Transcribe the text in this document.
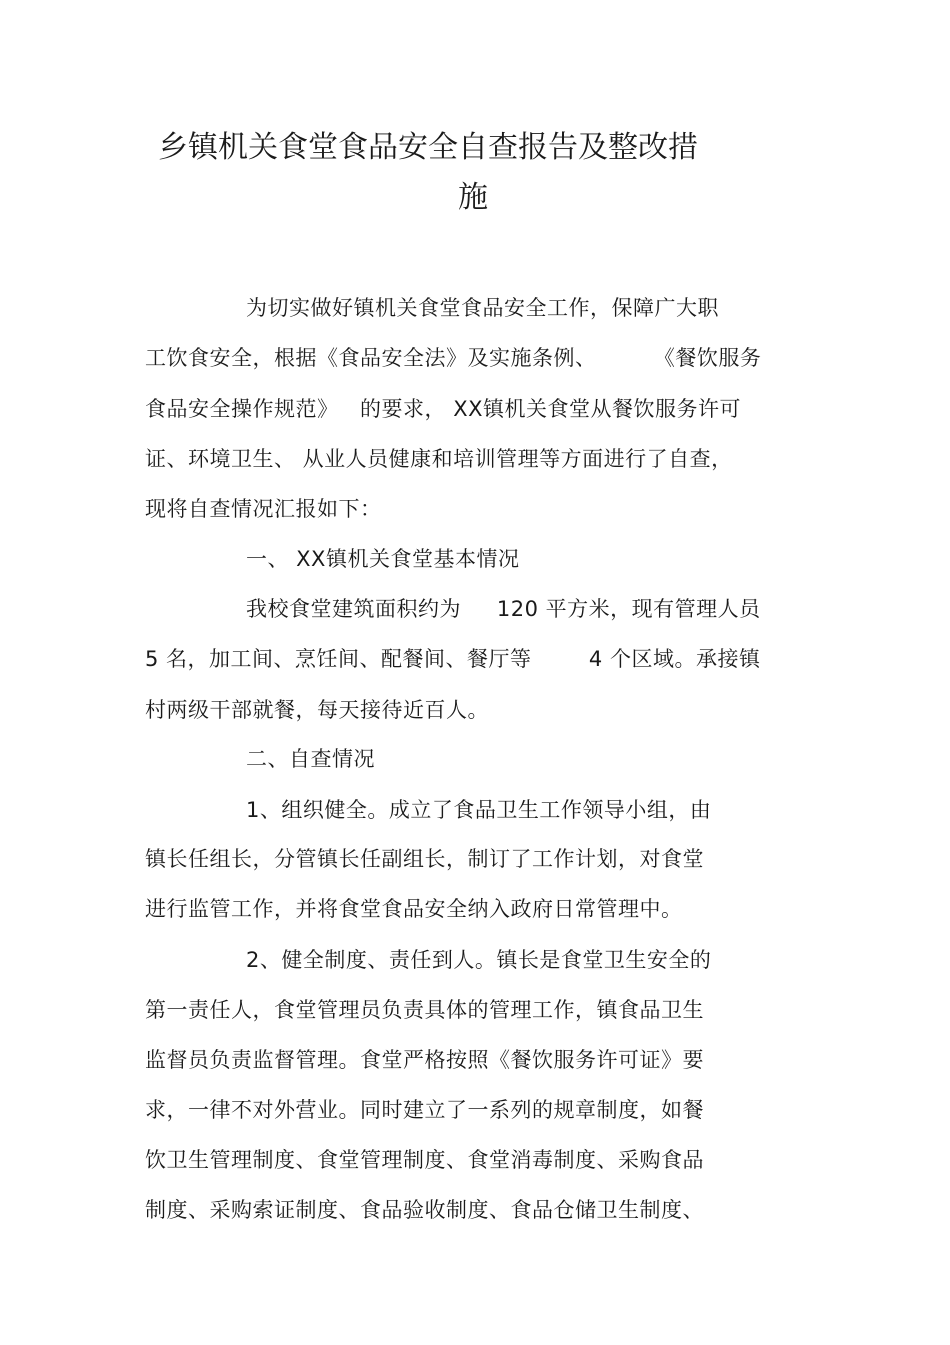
乡镇机关食堂食品安全自查报告及整改措
施

为切实做好镇机关食堂食品安全工作，保障广大职

工饮食安全，根据《食品安全法》及实施条例、        《餐饮服务

食品安全操作规范》   的要求， XX镇机关食堂从餐饮服务许可

证、环境卫生、 从业人员健康和培训管理等方面进行了自查，

现将自查情况汇报如下：

一、 XX镇机关食堂基本情况

我校食堂建筑面积约为     120 平方米，现有管理人员

5 名，加工间、烹饪间、配餐间、餐厅等        4 个区域。承接镇

村两级干部就餐，每天接待近百人。

二、自查情况

1、组织健全。成立了食品卫生工作领导小组，由

镇长任组长，分管镇长任副组长，制订了工作计划，对食堂

进行监管工作，并将食堂食品安全纳入政府日常管理中。

2、健全制度、责任到人。镇长是食堂卫生安全的

第一责任人，食堂管理员负责具体的管理工作，镇食品卫生

监督员负责监督管理。食堂严格按照《餐饮服务许可证》要

求，一律不对外营业。同时建立了一系列的规章制度，如餐

饮卫生管理制度、食堂管理制度、食堂消毒制度、采购食品

制度、采购索证制度、食品验收制度、食品仓储卫生制度、
